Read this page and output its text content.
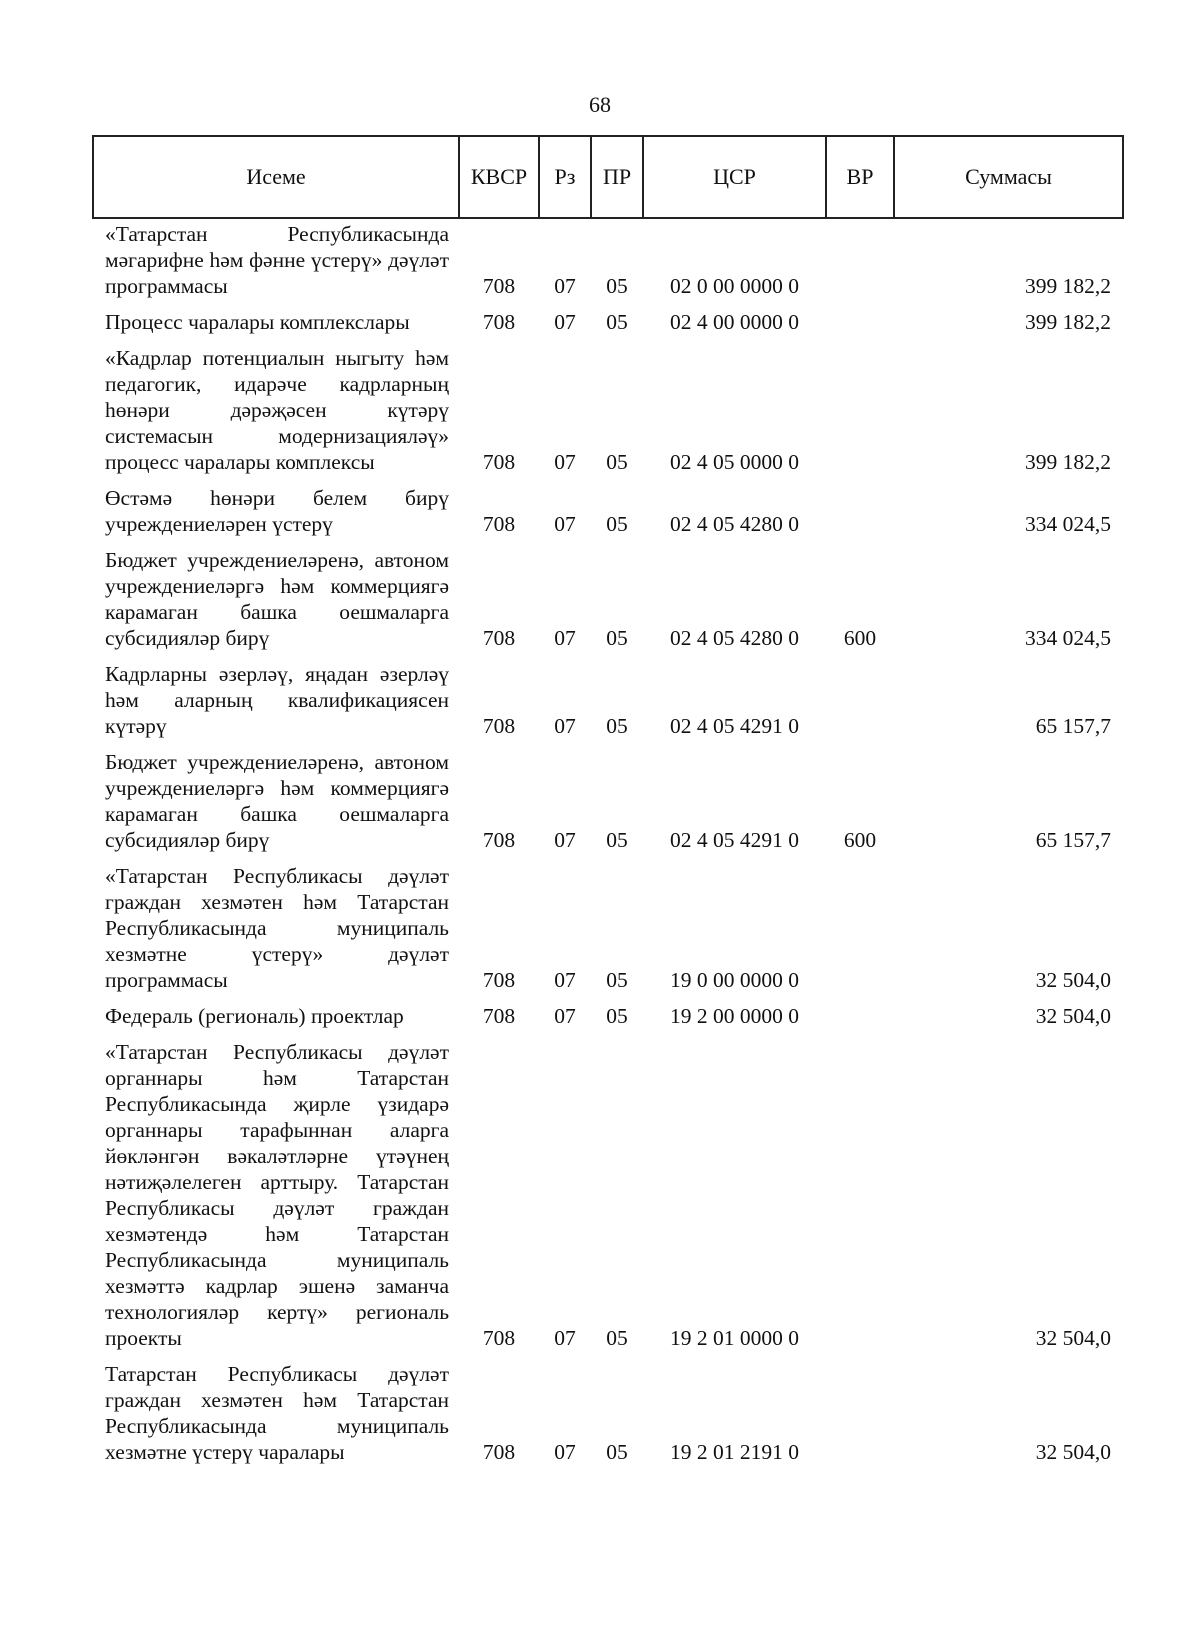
68
Исеме	КВСР	Рз	ПР	ЦСР	ВР	Суммасы
«Татарстан Республикасында мәгарифне һәм фәнне үстерү» дәүләт программасы	708	07	05	02 0 00 0000 0		399 182,2
Процесс чаралары комплекслары	708	07	05	02 4 00 0000 0		399 182,2
«Кадрлар потенциалын ныгыту һәм педагогик, идарәче кадрларның һөнәри дәрәҗәсен күтәрү системасын модернизацияләү» процесс чаралары комплексы	708	07	05	02 4 05 0000 0		399 182,2
Өстәмә һөнәри белем бирү учреждениеләрен үстерү	708	07	05	02 4 05 4280 0		334 024,5
Бюджет учреждениеләренә, автоном учреждениеләргә һәм коммерциягә карамаган башка оешмаларга субсидияләр бирү	708	07	05	02 4 05 4280 0	600	334 024,5
Кадрларны әзерләү, яңадан әзерләү һәм аларның квалификациясен күтәрү	708	07	05	02 4 05 4291 0		65 157,7
Бюджет учреждениеләренә, автоном учреждениеләргә һәм коммерциягә карамаган башка оешмаларга субсидияләр бирү	708	07	05	02 4 05 4291 0	600	65 157,7
«Татарстан Республикасы дәүләт граждан хезмәтен һәм Татарстан Республикасында муниципаль хезмәтне үстерү» дәүләт программасы	708	07	05	19 0 00 0000 0		32 504,0
Федераль (региональ) проектлар	708	07	05	19 2 00 0000 0		32 504,0
«Татарстан Республикасы дәүләт органнары һәм Татарстан Республикасында җирле үзидарә органнары тарафыннан аларга йөкләнгән вәкаләтләрне үтәүнең нәтиҗәлелеген арттыру. Татарстан Республикасы дәүләт граждан хезмәтендә һәм Татарстан Республикасында муниципаль хезмәттә кадрлар эшенә заманча технологияләр кертү» региональ проекты	708	07	05	19 2 01 0000 0		32 504,0
Татарстан Республикасы дәүләт граждан хезмәтен һәм Татарстан Республикасында муниципаль хезмәтне үстерү чаралары	708	07	05	19 2 01 2191 0		32 504,0
